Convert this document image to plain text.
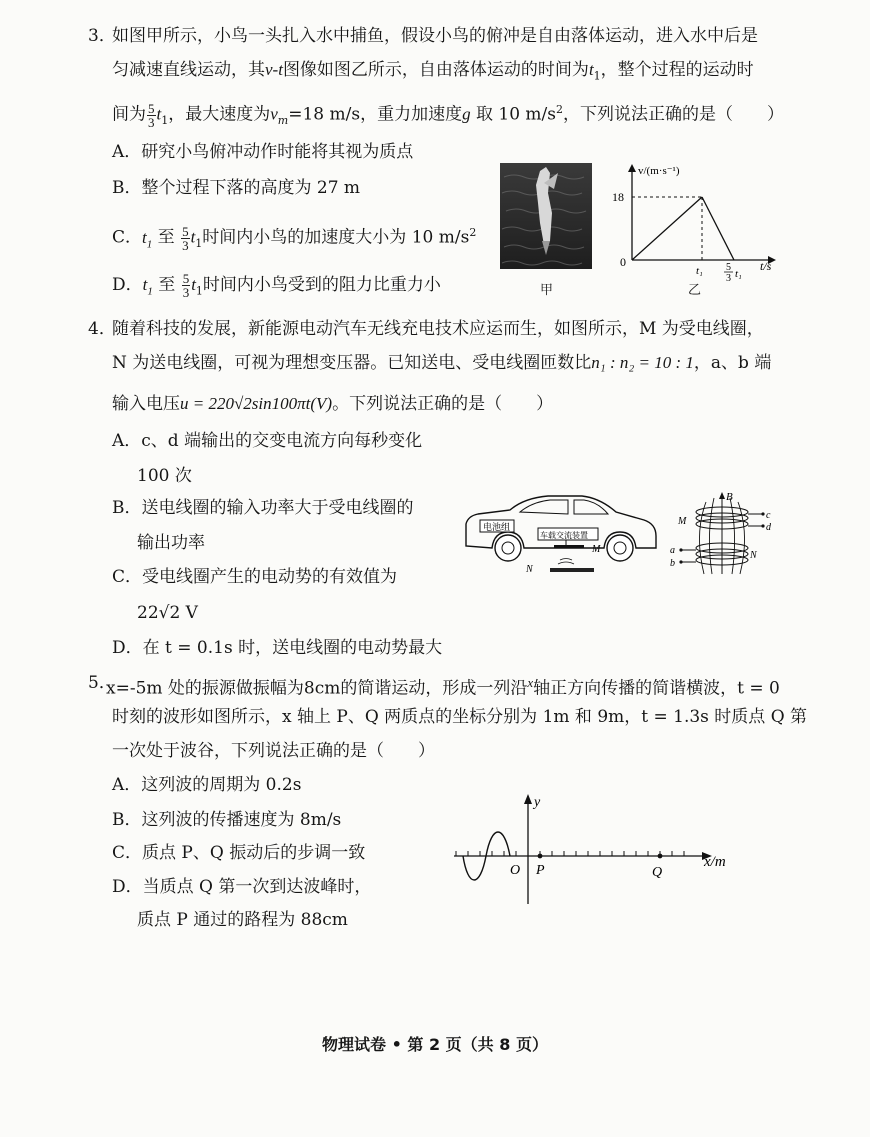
3．
如图甲所示，小鸟一头扎入水中捕鱼，假设小鸟的俯冲是自由落体运动，进入水中后是
匀减速直线运动，其v-t图像如图乙所示，自由落体运动的时间为$t_1$，整个过程的运动时
间为 $\frac{5}{3} t_1$，最大速度为$v_m=18$ m/s，重力加速度g 取 10 $m/s^2$，下列说法正确的是（　　）
A．研究小鸟俯冲动作时能将其视为质点
B．整个过程下落的高度为 27 m
C．$t_1$ 至 $\frac{5}{3} t_1$时间内小鸟的加速度大小为 10 $m/s^2$
D．$t_1$ 至 $\frac{5}{3} t_1$时间内小鸟受到的阻力比重力小	甲
v/(m·s⁻¹)
18
0
t₁ 5
3 t₁
t/s
乙
4．
随着科技的发展，新能源电动汽车无线充电技术应运而生，如图所示，M 为受电线圈，
N 为送电线圈，可视为理想变压器。已知送电、受电线圈匝数比n₁ : n₂ = 10 : 1，a、b 端
输入电压u = 220√2sin100πt(V)。下列说法正确的是（　　）
A．c、d 端输出的交变电流方向每秒变化
100 次
B．送电线圈的输入功率大于受电线圈的
输出功率
C．受电线圈产生的电动势的有效值为
22√2 V
D．在 t = 0.1s 时，送电线圈的电动势最大
电池组
车载交流装置
M
N
B
c
d
M
a
b
N
5．
x=-5m 处的振源做振幅为8cm的简谐运动，形成一列沿$^x$轴正方向传播的简谐横波，t = 0
时刻的波形如图所示，x 轴上 P、Q 两质点的坐标分别为 1m 和 9m，t = 1.3s 时质点 Q 第
一次处于波谷，下列说法正确的是（　　）
A．这列波的周期为 0.2s
B．这列波的传播速度为 8m/s
C．质点 P、Q 振动后的步调一致
D．当质点 Q 第一次到达波峰时，
质点 P 通过的路程为 88cm
y
O P	Q
x/m
物理试卷 • 第 2 页（共 8 页）
